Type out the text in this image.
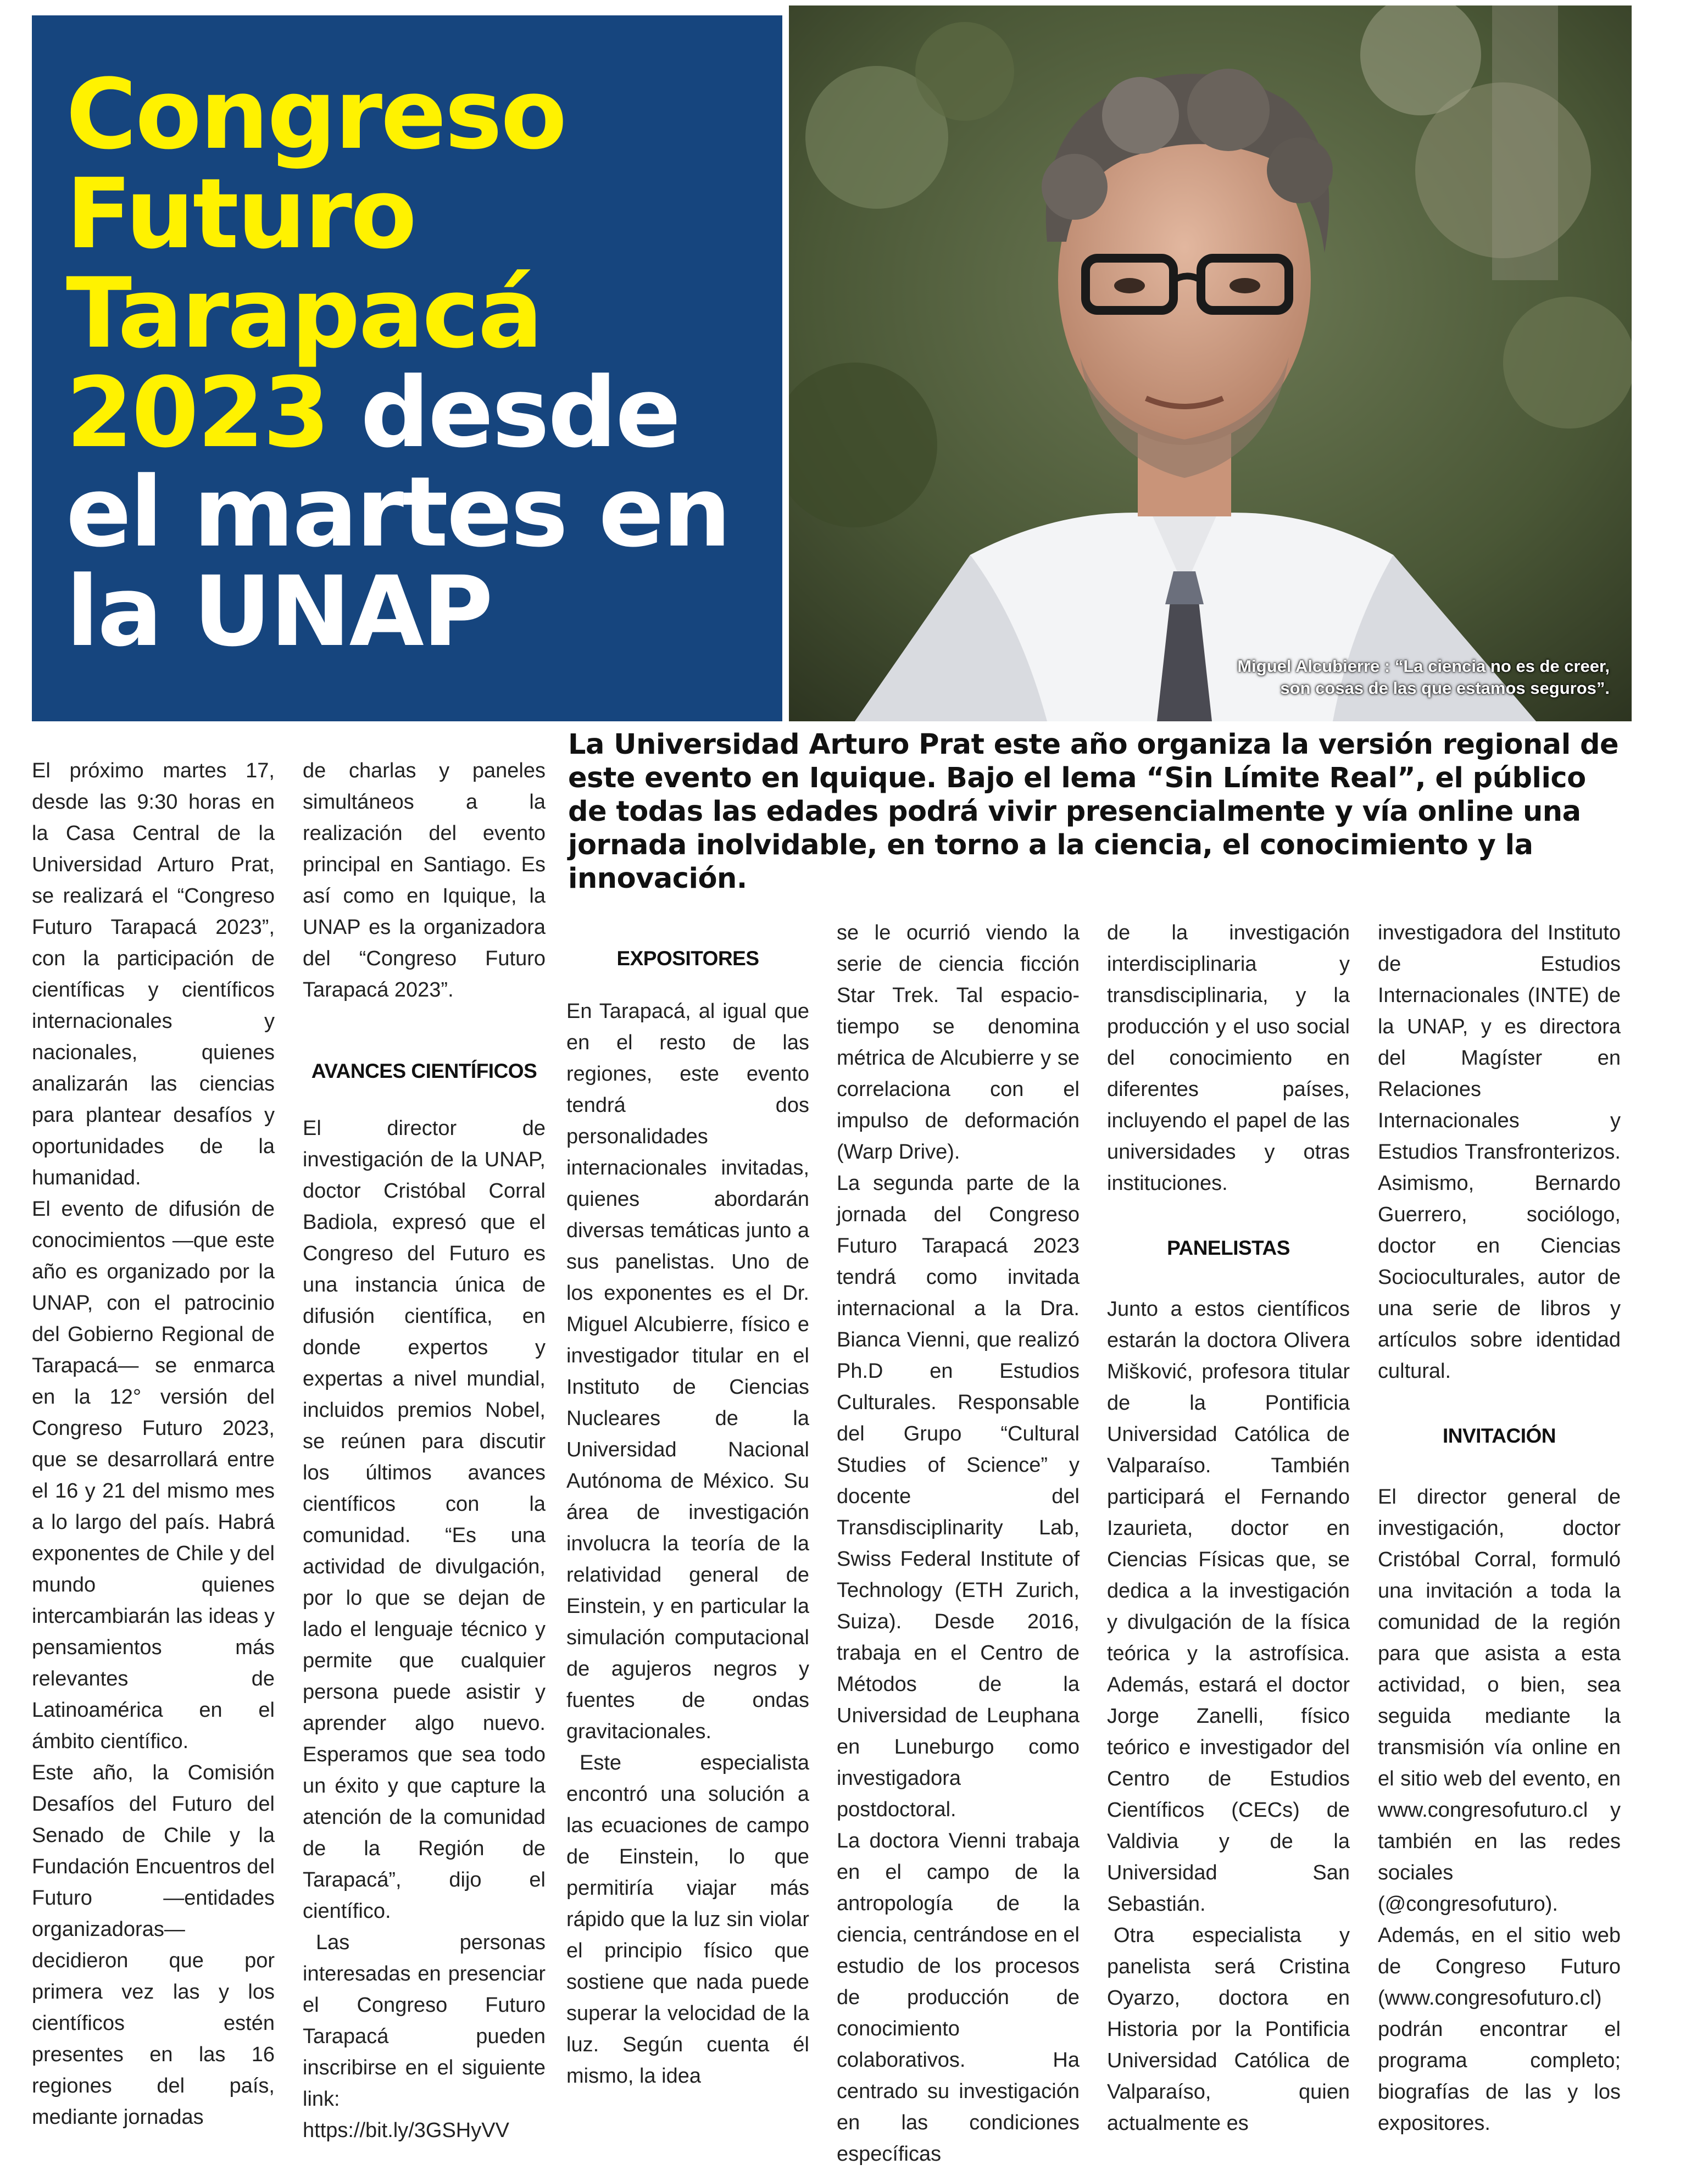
Congreso Futuro Tarapacá 2023 desde el martes en la UNAP	Miguel Alcubierre : “La ciencia no es de creer, son cosas de las que estamos seguros”.

La Universidad Arturo Prat este año organiza la versión regional de este evento en Iquique. Bajo el lema “Sin Límite Real”, el público de todas las edades podrá vivir presencialmente y vía online una jornada inolvidable, en torno a la ciencia, el conocimiento y la innovación.

El próximo martes 17, desde las 9:30 horas en la Casa Central de la Universidad Arturo Prat, se realizará el “Congreso Futuro Tarapacá 2023”, con la participación de científicas y científicos internacionales y nacionales, quienes analizarán las ciencias para plantear desafíos y oportunidades de la humanidad.

El evento de difusión de conocimientos —que este año es organizado por la UNAP, con el patrocinio del Gobierno Regional de Tarapacá— se enmarca en la 12° versión del Congreso Futuro 2023, que se desarrollará entre el 16 y 21 del mismo mes a lo largo del país. Habrá exponentes de Chile y del mundo quienes intercambiarán las ideas y pensamientos más relevantes de Latinoamérica en el ámbito científico.

Este año, la Comisión Desafíos del Futuro del Senado de Chile y la Fundación Encuentros del Futuro —entidades organizadoras— decidieron que por primera vez las y los científicos estén presentes en las 16 regiones del país, mediante jornadas

de charlas y paneles simultáneos a la realización del evento principal en Santiago. Es así como en Iquique, la UNAP es la organizadora del “Congreso Futuro Tarapacá 2023”.

AVANCES CIENTÍFICOS

El director de investigación de la UNAP, doctor Cristóbal Corral Badiola, expresó que el Congreso del Futuro es una instancia única de difusión científica, en donde expertos y expertas a nivel mundial, incluidos premios Nobel, se reúnen para discutir los últimos avances científicos con la comunidad. “Es una actividad de divulgación, por lo que se dejan de lado el lenguaje técnico y permite que cualquier persona puede asistir y aprender algo nuevo. Esperamos que sea todo un éxito y que capture la atención de la comunidad de la Región de Tarapacá”, dijo el científico.

Las personas interesadas en presenciar el Congreso Futuro Tarapacá pueden inscribirse en el siguiente link: https://bit.ly/3GSHyVV

EXPOSITORES

En Tarapacá, al igual que en el resto de las regiones, este evento tendrá dos personalidades internacionales invitadas, quienes abordarán diversas temáticas junto a sus panelistas. Uno de los exponentes es el Dr. Miguel Alcubierre, físico e investigador titular en el Instituto de Ciencias Nucleares de la Universidad Nacional Autónoma de México. Su área de investigación involucra la teoría de la relatividad general de Einstein, y en particular la simulación computacional de agujeros negros y fuentes de ondas gravitacionales.

Este especialista encontró una solución a las ecuaciones de campo de Einstein, lo que permitiría viajar más rápido que la luz sin violar el principio físico que sostiene que nada puede superar la velocidad de la luz. Según cuenta él mismo, la idea

se le ocurrió viendo la serie de ciencia ficción Star Trek. Tal espacio-tiempo se denomina métrica de Alcubierre y se correlaciona con el impulso de deformación (Warp Drive).

La segunda parte de la jornada del Congreso Futuro Tarapacá 2023 tendrá como invitada internacional a la Dra. Bianca Vienni, que realizó Ph.D en Estudios Culturales. Responsable del Grupo “Cultural Studies of Science” y docente del Transdisciplinarity Lab, Swiss Federal Institute of Technology (ETH Zurich, Suiza). Desde 2016, trabaja en el Centro de Métodos de la Universidad de Leuphana en Luneburgo como investigadora postdoctoral.

La doctora Vienni trabaja en el campo de la antropología de la ciencia, centrándose en el estudio de los procesos de producción de conocimiento colaborativos. Ha centrado su investigación en las condiciones específicas

de la investigación interdisciplinaria y transdisciplinaria, y la producción y el uso social del conocimiento en diferentes países, incluyendo el papel de las universidades y otras instituciones.

PANELISTAS

Junto a estos científicos estarán la doctora Olivera Mišković, profesora titular de la Pontificia Universidad Católica de Valparaíso. También participará el Fernando Izaurieta, doctor en Ciencias Físicas que, se dedica a la investigación y divulgación de la física teórica y la astrofísica. Además, estará el doctor Jorge Zanelli, físico teórico e investigador del Centro de Estudios Científicos (CECs) de Valdivia y de la Universidad San Sebastián.

Otra especialista y panelista será Cristina Oyarzo, doctora en Historia por la Pontificia Universidad Católica de Valparaíso, quien actualmente es

investigadora del Instituto de Estudios Internacionales (INTE) de la UNAP, y es directora del Magíster en Relaciones Internacionales y Estudios Transfronterizos. Asimismo, Bernardo Guerrero, sociólogo, doctor en Ciencias Socioculturales, autor de una serie de libros y artículos sobre identidad cultural.

INVITACIÓN

El director general de investigación, doctor Cristóbal Corral, formuló una invitación a toda la comunidad de la región para que asista a esta actividad, o bien, sea seguida mediante la transmisión vía online en el sitio web del evento, en www.congresofuturo.cl y también en las redes sociales (@congresofuturo).

Además, en el sitio web de Congreso Futuro (www.congresofuturo.cl) podrán encontrar el programa completo; biografías de las y los expositores.
